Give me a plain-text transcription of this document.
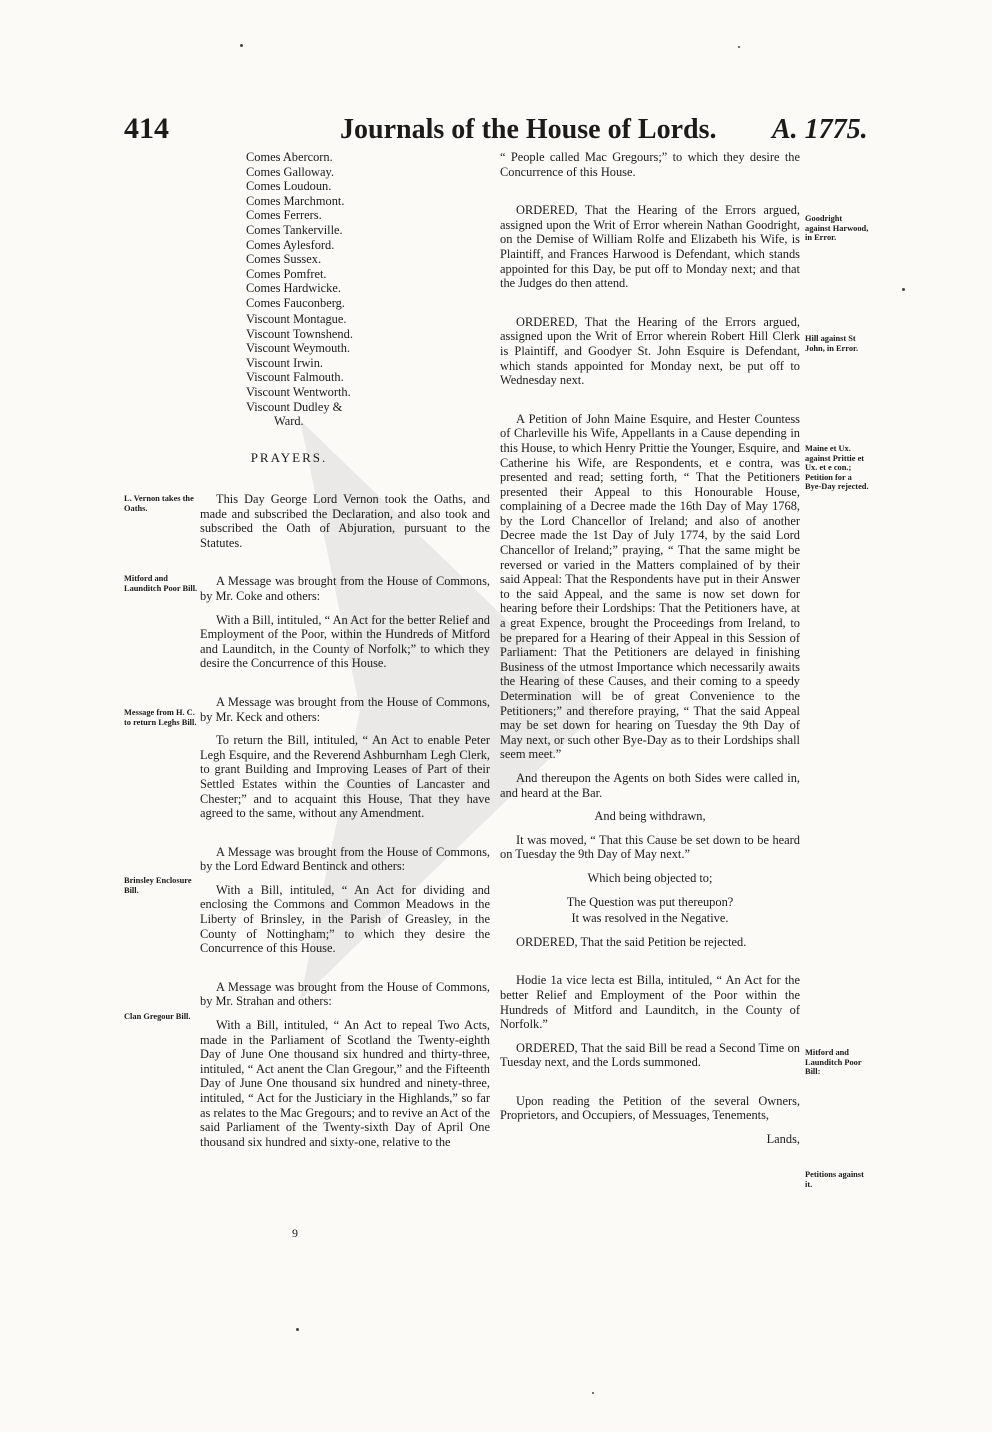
414	Journals of the House of Lords. A. 1775.
Comes Abercorn.
Comes Galloway.
Comes Loudoun.
Comes Marchmont.
Comes Ferrers.
Comes Tankerville.
Comes Aylesford.
Comes Sussex.
Comes Pomfret.
Comes Hardwicke.
Comes Fauconberg.
Viscount Montague.
Viscount Townshend.
Viscount Weymouth.
Viscount Irwin.
Viscount Falmouth.
Viscount Wentworth.
Viscount Dudley &
Ward.
PRAYERS.
L. Vernon takes the Oaths.
Mitford and Launditch Poor Bill.
Message from H. C. to return Leghs Bill.
Brinsley Enclosure Bill.
Clan Gregour Bill.

This Day George Lord Vernon took the Oaths, and made and subscribed the Declaration, and also took and subscribed the Oath of Abjuration, pursuant to the Statutes.

A Message was brought from the House of Commons, by Mr. Coke and others:

With a Bill, intituled, “ An Act for the better Relief and Employment of the Poor, within the Hundreds of Mitford and Launditch, in the County of Norfolk;” to which they desire the Concurrence of this House.

A Message was brought from the House of Commons, by Mr. Keck and others:

To return the Bill, intituled, “ An Act to enable Peter Legh Esquire, and the Reverend Ashburnham Legh Clerk, to grant Building and Improving Leases of Part of their Settled Estates within the Counties of Lancaster and Chester;” and to acquaint this House, That they have agreed to the same, without any Amendment.

A Message was brought from the House of Commons, by the Lord Edward Bentinck and others:

With a Bill, intituled, “ An Act for dividing and enclosing the Commons and Common Meadows in the Liberty of Brinsley, in the Parish of Greasley, in the County of Nottingham;” to which they desire the Concurrence of this House.

A Message was brought from the House of Commons, by Mr. Strahan and others:

With a Bill, intituled, “ An Act to repeal Two Acts, made in the Parliament of Scotland the Twenty-eighth Day of June One thousand six hundred and thirty-three, intituled, “ Act anent the Clan Gregour,” and the Fifteenth Day of June One thousand six hundred and ninety-three, intituled, “ Act for the Justiciary in the Highlands,” so far as relates to the Mac Gregours; and to revive an Act of the said Parliament of the Twenty-sixth Day of April One thousand six hundred and sixty-one, relative to the

9
Goodright against Harwood, in Error.
Hill against St John, in Error.
Maine et Ux. against Prittie et Ux. et e con.; Petition for a Bye-Day rejected.
Mitford and Launditch Poor Bill:
Petitions against it.

“ People called Mac Gregours;” to which they desire the Concurrence of this House.

ORDERED, That the Hearing of the Errors argued, assigned upon the Writ of Error wherein Nathan Goodright, on the Demise of William Rolfe and Elizabeth his Wife, is Plaintiff, and Frances Harwood is Defendant, which stands appointed for this Day, be put off to Monday next; and that the Judges do then attend.

ORDERED, That the Hearing of the Errors argued, assigned upon the Writ of Error wherein Robert Hill Clerk is Plaintiff, and Goodyer St. John Esquire is Defendant, which stands appointed for Monday next, be put off to Wednesday next.

A Petition of John Maine Esquire, and Hester Countess of Charleville his Wife, Appellants in a Cause depending in this House, to which Henry Prittie the Younger, Esquire, and Catherine his Wife, are Respondents, et e contra, was presented and read; setting forth, “ That the Petitioners presented their Appeal to this Honourable House, complaining of a Decree made the 16th Day of May 1768, by the Lord Chancellor of Ireland; and also of another Decree made the 1st Day of July 1774, by the said Lord Chancellor of Ireland;” praying, “ That the same might be reversed or varied in the Matters complained of by their said Appeal: That the Respondents have put in their Answer to the said Appeal, and the same is now set down for hearing before their Lordships: That the Petitioners have, at a great Expence, brought the Proceedings from Ireland, to be prepared for a Hearing of their Appeal in this Session of Parliament: That the Petitioners are delayed in finishing Business of the utmost Importance which necessarily awaits the Hearing of these Causes, and their coming to a speedy Determination will be of great Convenience to the Petitioners;” and therefore praying, “ That the said Appeal may be set down for hearing on Tuesday the 9th Day of May next, or such other Bye-Day as to their Lordships shall seem meet.”

And thereupon the Agents on both Sides were called in, and heard at the Bar.

And being withdrawn,

It was moved, “ That this Cause be set down to be heard on Tuesday the 9th Day of May next.”

Which being objected to;

The Question was put thereupon?

It was resolved in the Negative.

ORDERED, That the said Petition be rejected.

Hodie 1a vice lecta est Billa, intituled, “ An Act for the better Relief and Employment of the Poor within the Hundreds of Mitford and Launditch, in the County of Norfolk.”

ORDERED, That the said Bill be read a Second Time on Tuesday next, and the Lords summoned.

Upon reading the Petition of the several Owners, Proprietors, and Occupiers, of Messuages, Tenements,

Lands,
